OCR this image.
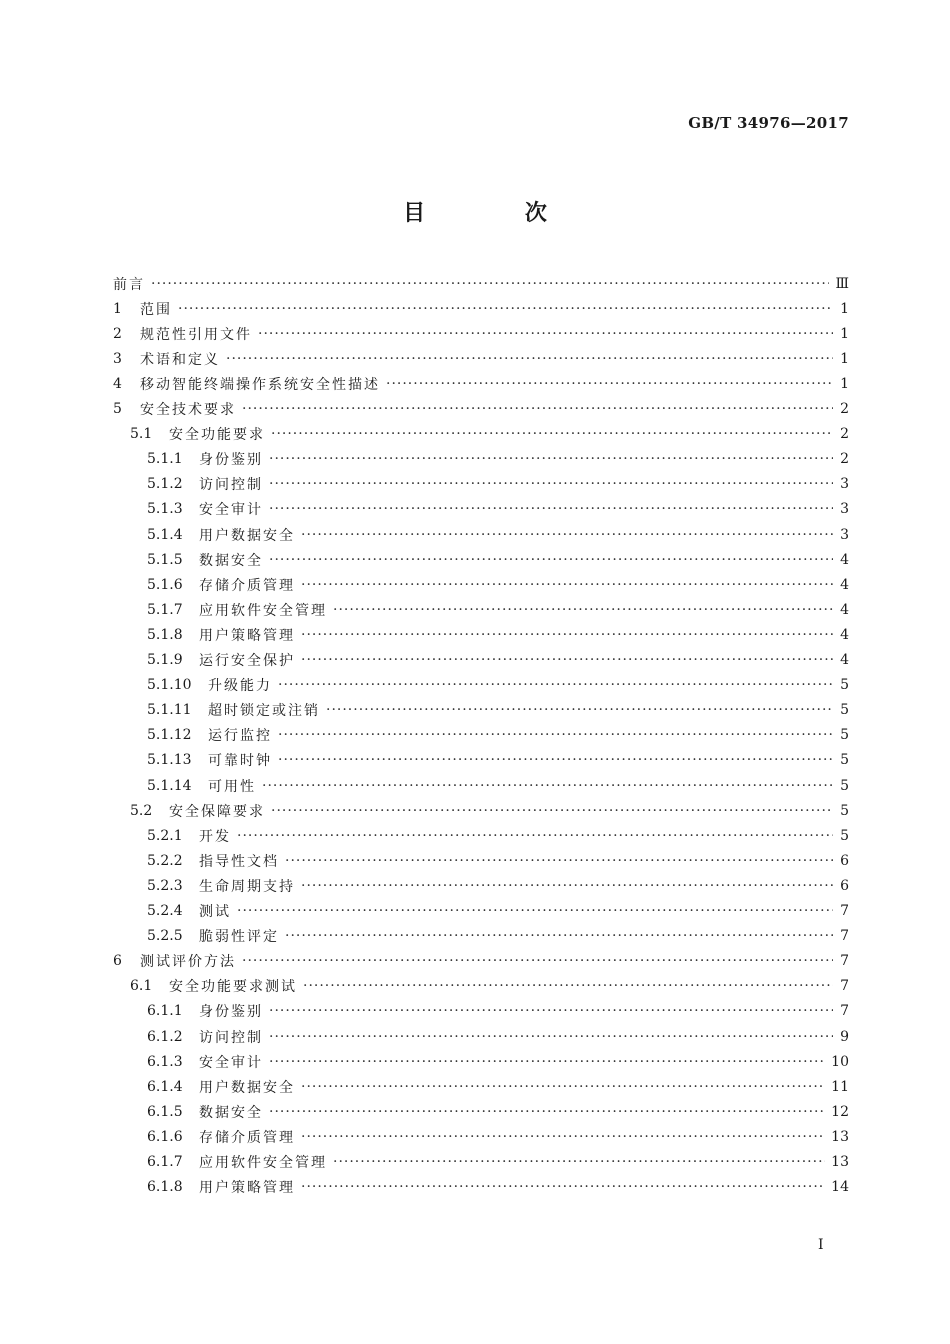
GB/T 34976—2017
目 次
前言 ·····	Ⅲ
1	范围 ·····	1
2	规范性引用文件 ·····	1
3	术语和定义 ·····	1
4	移动智能终端操作系统安全性描述 ·····	1
5	安全技术要求 ·····	2
5.1	安全功能要求 ·····	2
5.1.1	身份鉴别 ·····	2
5.1.2	访问控制 ·····	3
5.1.3	安全审计 ·····	3
5.1.4	用户数据安全 ·····	3
5.1.5	数据安全 ·····	4
5.1.6	存储介质管理 ·····	4
5.1.7	应用软件安全管理 ·····	4
5.1.8	用户策略管理 ·····	4
5.1.9	运行安全保护 ·····	4
5.1.10	升级能力 ·····	5
5.1.11	超时锁定或注销 ·····	5
5.1.12	运行监控 ·····	5
5.1.13	可靠时钟 ·····	5
5.1.14	可用性 ·····	5
5.2	安全保障要求 ·····	5
5.2.1	开发 ·····	5
5.2.2	指导性文档 ·····	6
5.2.3	生命周期支持 ·····	6
5.2.4	测试 ·····	7
5.2.5	脆弱性评定 ·····	7
6	测试评价方法 ·····	7
6.1	安全功能要求测试 ·····	7
6.1.1	身份鉴别 ·····	7
6.1.2	访问控制 ·····	9
6.1.3	安全审计 ·····	10
6.1.4	用户数据安全 ·····	11
6.1.5	数据安全 ·····	12
6.1.6	存储介质管理 ·····	13
6.1.7	应用软件安全管理 ·····	13
6.1.8	用户策略管理 ·····	14
I
